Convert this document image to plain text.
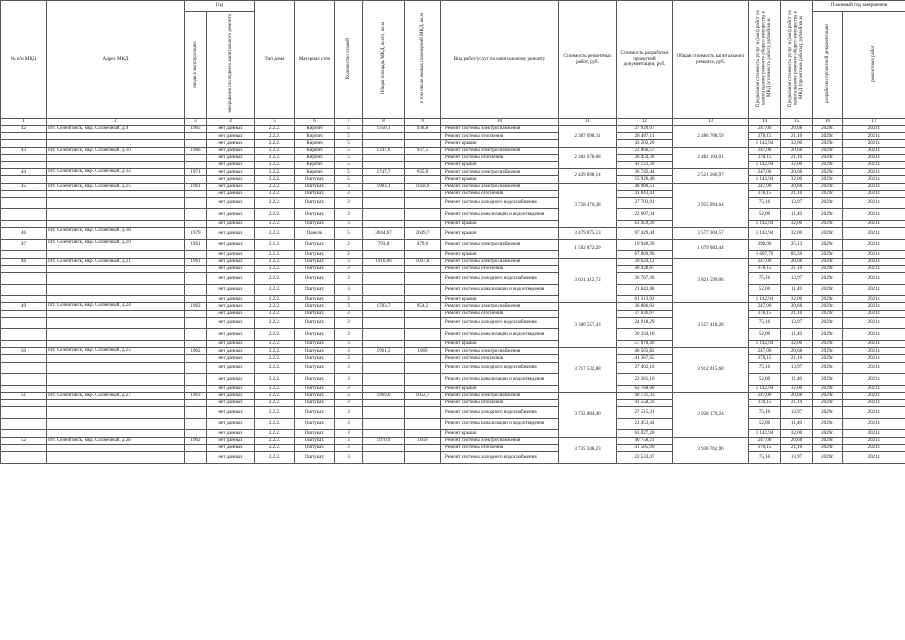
№ п/п МКД	Адрес МКД	Год		Тип дома	Материал стен	Количество этажей	Общая площадь МКД, всего, кв.м	в том числе жилых помещений МКД, кв.м	Вид работ/услуг по капитальному ремонту	Стоимость ремонтных работ, руб.	Стоимость разработки проектной документации, руб.	Общая стоимость капитального ремонта, руб.	Предельная стоимость услуг и (или) работ по капитальному ремонту общего имущества в МКД (стоимость работ), рублей/кв.м	Предельная стоимость услуг и (или) работ по капитальному ремонту общего имущества в МКД (проектные работы), рублей/кв.м	Плановый год завершения	
		ввода в эксплуатацию	завершения последнего капитального ремонта												разработки проектной документации	ремонтных работ
1	2	3	4	5	6	7	8	9	10	11	12	13	14	15	16	17
42	пгт. Селенгинск, мкр. Солнечный, д.9	1965	нет данных	2.2.2.	Кирпич	5	1350,1	938,8	Ремонт системы электроснабжения	2 387 098,31	27 920,07	2 486 708,59	247,00	20,68	2029г.	2021г.
			нет данных	2.2.2.	Кирпич	5			Ремонт системы отопления		28 487,11		378,15	21,10	2029г.	2021г.
			нет данных	2.2.2.	Кирпич	5			Ремонт крыши		43 203,20		1 142,94	32,00	2029г.	2021г.
43	пгт. Селенгинск, мкр. Солнечный, д.10	1966	нет данных	2.2.2.	Кирпич	5	1347,6	937,5	Ремонт системы электроснабжения	2 382 678,08	22 866,57	2 482 104,01	247,00	20,68	2029г.	2021г.
			нет данных	2.2.2.	Кирпич	5			Ремонт системы отопления		28 454,36		378,15	21,10	2029г.	2021г.
			нет данных	2.2.2.	Кирпич	5			Ремонт крыши		43 123,20		1 142,94	32,00	2029г.	2021г.
44	пгт. Селенгинск, мкр. Солнечный, д.12	1971	нет данных	2.2.2.	Кирпич	5	1747,7	935,8	Ремонт системы электроснабжения	2 429 898,14	36 742,44	2 521 266,97	247,00	20,68	2029г.	2021г.
			нет данных	2.2.2.	Оштукат.	5			Ремонт крыши		55 926,40		1 142,94	32,00	2029г.	2021г.
45	пгт. Селенгинск, мкр. Солнечный, д.15	1961	нет данных	2.2.2.	Оштукат.	3	1983,1	1058,9	Ремонт системы электроснабжения	3 758 470,28	48 980,51	3 955 094,64	247,00	20,68	2029г.	2021г.
			нет данных	2.2.2.	Оштукат.	3			Ремонт системы отопления		41 843,41		378,15	21,10	2029г.	2021г.
			нет данных	2.2.2.	Оштукат.	3			Ремонт системы холодного водоснабжения		27 703,91		75,16	13,97	2029г.	2021г.
			нет данных	2.2.2.	Оштукат.	3			Ремонт системы канализации и водоотведения		22 607,34		52,00	11,40	2029г.	2021г.
			нет данных	2.2.2.	Оштукат.	3			Ремонт крыши		63 459,20		1 142,94	32,00	2029г.	2021г.
46	пгт. Селенгинск, мкр. Солнечный, д.18	1979	нет данных	2.2.2.	Панель	5	3044,67	2649,7	Ремонт крыши	3 479 875,13	97 429,44	3 577 304,57	1 142,94	32,00	2029г.	2021г.
47	пгт. Селенгинск, мкр. Солнечный, д.19	1961	нет данных	2.1.2.	Оштукат.	2	793,8	479,6	Ремонт системы электроснабжения	1 592 872,29	19 940,26	1 679 982,44	398,00	25,13	2029г.	2021г.
			нет данных	2.1.2.	Оштукат.	2			Ремонт крыши		67 869,90		1 607,76	85,50	2029г.	2021г.
48	пгт. Селенгинск, мкр. Солнечный, д.21	1961	нет данных	2.2.2.	Оштукат.	3	1916,06	1047,8	Ремонт системы электроснабжения	3 631 412,72	39 624,12	3 821 599,06	247,00	20,68	2029г.	2021г.
			нет данных	2.2.2.	Оштукат.	3			Ремонт системы отопления		40 428,87		378,15	21,10	2029г.	2021г.
			нет данных	2.2.2.	Оштукат.	3			Ремонт системы холодного водоснабжения		26 767,36		75,16	13,97	2029г.	2021г.
			нет данных	2.2.2.	Оштукат.	3			Ремонт системы канализации и водоотведения		21 843,08		52,00	11,40	2029г.	2021г.
			нет данных	2.2.2.	Оштукат.	3			Ремонт крыши		61 313,92		1 142,94	32,00	2029г.	2021г.
49	пгт. Селенгинск, мкр. Солнечный, д.24	1962	нет данных	2.2.2.	Оштукат.	3	1783,7	954,2	Ремонт системы электроснабжения	3 380 557,43	36 886,92	3 557 418,28	247,00	20,68	2029г.	2021г.
			нет данных	2.2.2.	Оштукат.	3			Ремонт системы отопления		37 636,07		378,15	21,10	2029г.	2021г.
			нет данных	2.2.2.	Оштукат.	3			Ремонт системы холодного водоснабжения		24 918,29		75,16	13,97	2029г.	2021г.
			нет данных	2.2.2.	Оштукат.	3			Ремонт системы канализации и водоотведения		20 334,18		52,00	11,40	2029г.	2021г.
			нет данных	2.2.2.	Оштукат.	3			Ремонт крыши		57 078,40		1 142,94	32,00	2029г.	2021г.
50	пгт. Селенгинск, мкр. Солнечный, д.25	1962	нет данных	2.2.2.	Оштукат.	3	1961,5	1069	Ремонт системы электроснабжения	3 717 532,88	40 563,82	3 912 015,60	247,00	20,68	2029г.	2021г.
			нет данных	2.2.2.	Оштукат.	3			Ремонт системы отопления		41 387,65		378,15	21,10	2029г.	2021г.
			нет данных	2.2.2.	Оштукат.	3			Ремонт системы холодного водоснабжения		27 402,16		75,16	13,97	2029г.	2021г.
			нет данных	2.2.2.	Оштукат.	3			Ремонт системы канализации и водоотведения		22 361,10		52,00	11,40	2029г.	2021г.
			нет данных	2.2.2.	Оштукат.	3			Ремонт крыши		62 768,00		1 142,94	32,00	2029г.	2021г.
51	пгт. Селенгинск, мкр. Солнечный, д.27	1963	нет данных	2.2.2.	Оштукат.	3	1969,6	1052,7	Ремонт системы электроснабжения	3 732 884,40	40 731,33	3 928 170,24	247,00	20,68	2029г.	2021г.
			нет данных	2.2.2.	Оштукат.	3			Ремонт системы отопления		41 558,56		378,15	21,10	2029г.	2021г.
			нет данных	2.2.2.	Оштукат.	3			Ремонт системы холодного водоснабжения		27 515,31		75,16	13,97	2029г.	2021г.
			нет данных	2.2.2.	Оштукат.	3			Ремонт системы канализации и водоотведения		22 453,44		52,00	11,40	2029г.	2021г.
			нет данных	2.2.2.	Оштукат.	3			Ремонт крыши		63 027,20		1 142,94	32,00	2029г.	2021г.
52	пгт. Селенгинск, мкр. Солнечный, д.28	1962	нет данных	2.2.2.	Оштукат.	3	1970,9	1059	Ремонт системы электроснабжения	3 735 348,23	40 758,21	3 930 762,96	247,00	20,68	2029г.	2021г.
			нет данных	2.2.2.	Оштукат.	3			Ремонт системы отопления		41 585,99		378,15	21,10	2029г.	2021г.
			нет данных	2.2.2.	Оштукат.	3			Ремонт системы холодного водоснабжения		22 533,47		75,16	13,97	2029г.	2021г.
